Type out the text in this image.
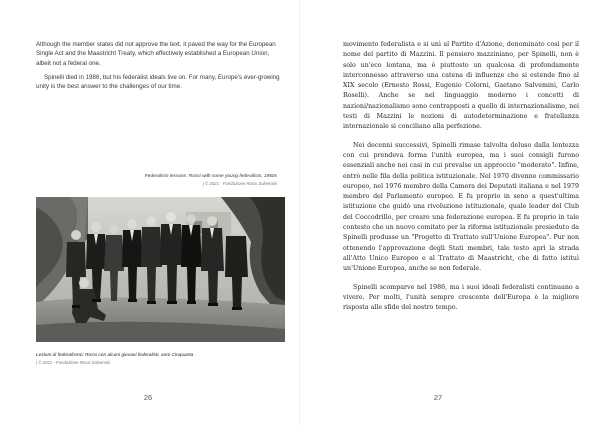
Although the member states did not approve the text, it paved the way for the European Single Act and the Maastricht Treaty, which effectively established a European Union, albeit not a federal one.

Spinelli died in 1986, but his federalist ideals live on. For many, Europe's ever-growing unity is the best answer to the challenges of our time.

Federalism lessons: Rossi with some young federalists, 1950s
| © 2021 - Fondazione Rossi Salvemini
Lezioni di federalismo: Rossi con alcuni giovani federalisti, anni Cinquanta
| © 2021 - Fondazione Rossi Salvemini
26

movimento federalista e si unì al Partito d'Azione, denominato così per il nome del partito di Mazzini. Il pensiero mazziniano, per Spinelli, non è solo un'eco lontana, ma è piuttosto un qualcosa di profondamente interconnesso attraverso una catena di influenze che si estende fino al XIX secolo (Ernesto Rossi, Eugenio Colorni, Gaetano Salvemini, Carlo Roselli). Anche se nel linguaggio moderno i concetti di nazioni/nazionalismo sono contrapposti a quello di internazionalismo, nei testi di Mazzini le nozioni di autodeterminazione e fratellanza internazionale si conciliano alla perfezione.

Nei decenni successivi, Spinelli rimase talvolta deluso dalla lentezza con cui prendeva forma l'unità europea, ma i suoi consigli furono essenziali anche nei casi in cui prevalse un approccio "moderato". Infine, entrò nelle fila della politica istituzionale. Nel 1970 divenne commissario europeo, nel 1976 membro della Camera dei Deputati italiana e nel 1979 membro del Parlamento europeo. E fu proprio in seno a quest'ultima istituzione che guidò una rivoluzione istituzionale, quale leader del Club del Coccodrillo, per creare una federazione europea. E fu proprio in tale contesto che un nuovo comitato per la riforma istituzionale presieduto da Spinelli produsse un "Progetto di Trattato sull'Unione Europea". Pur non ottenendo l'approvazione degli Stati membri, tale testo aprì la strada all'Atto Unico Europeo e al Trattato di Maastricht, che di fatto istituì un'Unione Europea, anche se non federale.

Spinelli scomparve nel 1986, ma i suoi ideali federalisti continuano a vivere. Per molti, l'unità sempre crescente dell'Europa è la migliore risposta alle sfide del nostro tempo.

27
